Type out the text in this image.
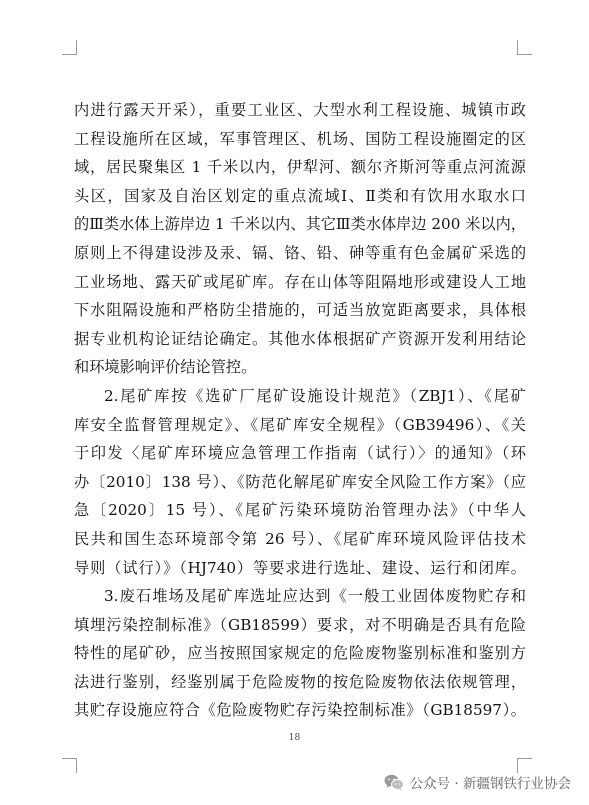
内进行露天开采），重要工业区、大型水利工程设施、城镇市政
工程设施所在区域，军事管理区、机场、国防工程设施圈定的区
域，居民聚集区 1 千米以内，伊犁河、额尔齐斯河等重点河流源
头区，国家及自治区划定的重点流域Ⅰ、Ⅱ类和有饮用水取水口
的Ⅲ类水体上游岸边 1 千米以内、其它Ⅲ类水体岸边 200 米以内，
原则上不得建设涉及汞、镉、铬、铅、砷等重有色金属矿采选的
工业场地、露天矿或尾矿库。存在山体等阻隔地形或建设人工地
下水阻隔设施和严格防尘措施的，可适当放宽距离要求，具体根
据专业机构论证结论确定。其他水体根据矿产资源开发利用结论
和环境影响评价结论管控。
2.尾矿库按《选矿厂尾矿设施设计规范》（ZBJ1）、《尾矿
库安全监督管理规定》、《尾矿库安全规程》（GB39496）、《关
于印发〈尾矿库环境应急管理工作指南（试行）〉的通知》（环
办〔2010〕138 号）、《防范化解尾矿库安全风险工作方案》（应
急〔2020〕15 号）、《尾矿污染环境防治管理办法》（中华人
民共和国生态环境部令第 26 号）、《尾矿库环境风险评估技术
导则（试行）》（HJ740）等要求进行选址、建设、运行和闭库。
3.废石堆场及尾矿库选址应达到《一般工业固体废物贮存和
填埋污染控制标准》（GB18599）要求，对不明确是否具有危险
特性的尾矿砂，应当按照国家规定的危险废物鉴别标准和鉴别方
法进行鉴别，经鉴别属于危险废物的按危险废物依法依规管理，
其贮存设施应符合《危险废物贮存污染控制标准》（GB18597）。
18
公众号 · 新疆钢铁行业协会
